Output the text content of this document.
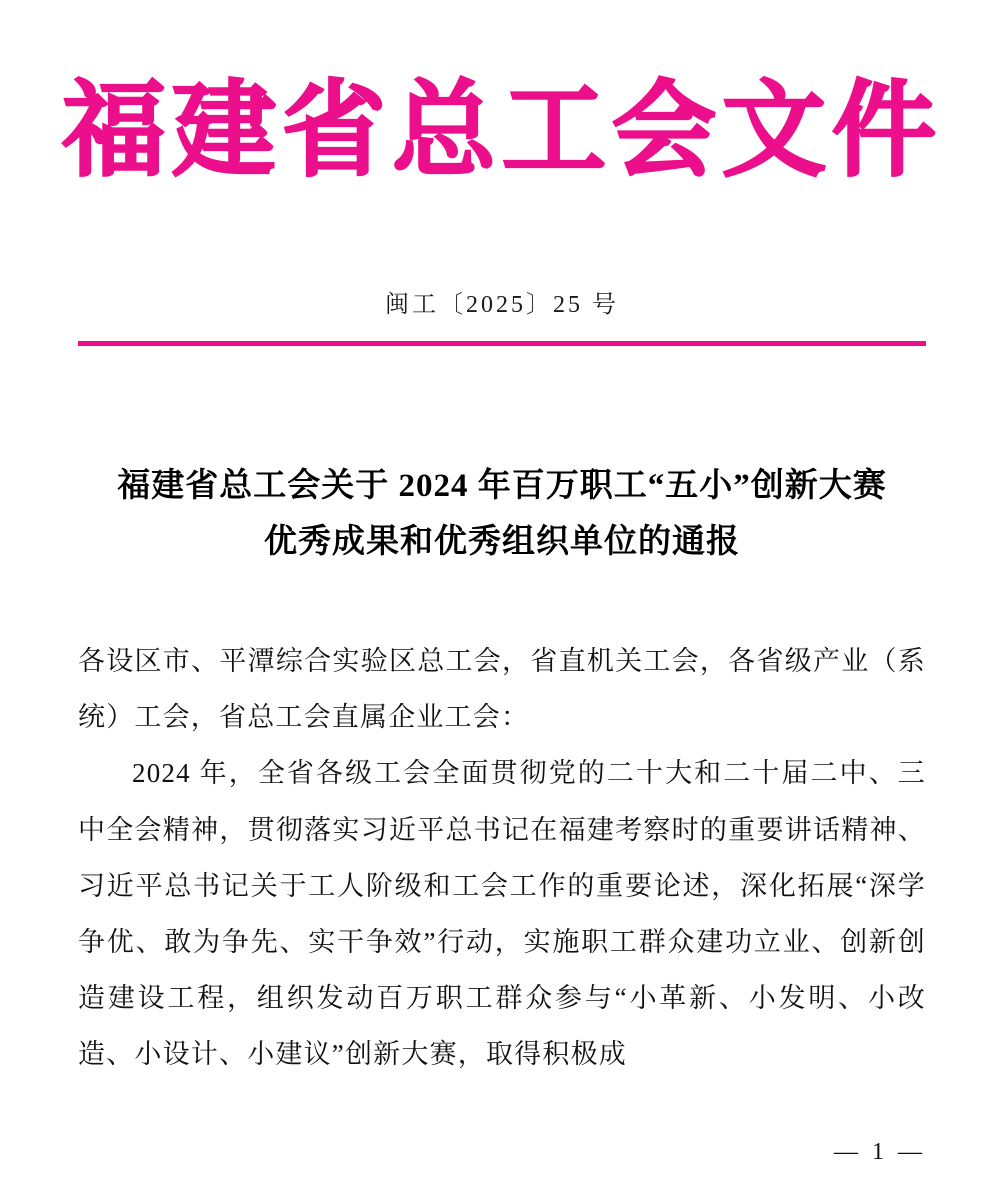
福建省总工会文件
闽工〔2025〕25 号
福建省总工会关于 2024 年百万职工“五小”创新大赛
优秀成果和优秀组织单位的通报

各设区市、平潭综合实验区总工会，省直机关工会，各省级产业（系统）工会，省总工会直属企业工会：

2024 年，全省各级工会全面贯彻党的二十大和二十届二中、三中全会精神，贯彻落实习近平总书记在福建考察时的重要讲话精神、习近平总书记关于工人阶级和工会工作的重要论述，深化拓展“深学争优、敢为争先、实干争效”行动，实施职工群众建功立业、创新创造建设工程，组织发动百万职工群众参与“小革新、小发明、小改造、小设计、小建议”创新大赛，取得积极成

— 1 —
